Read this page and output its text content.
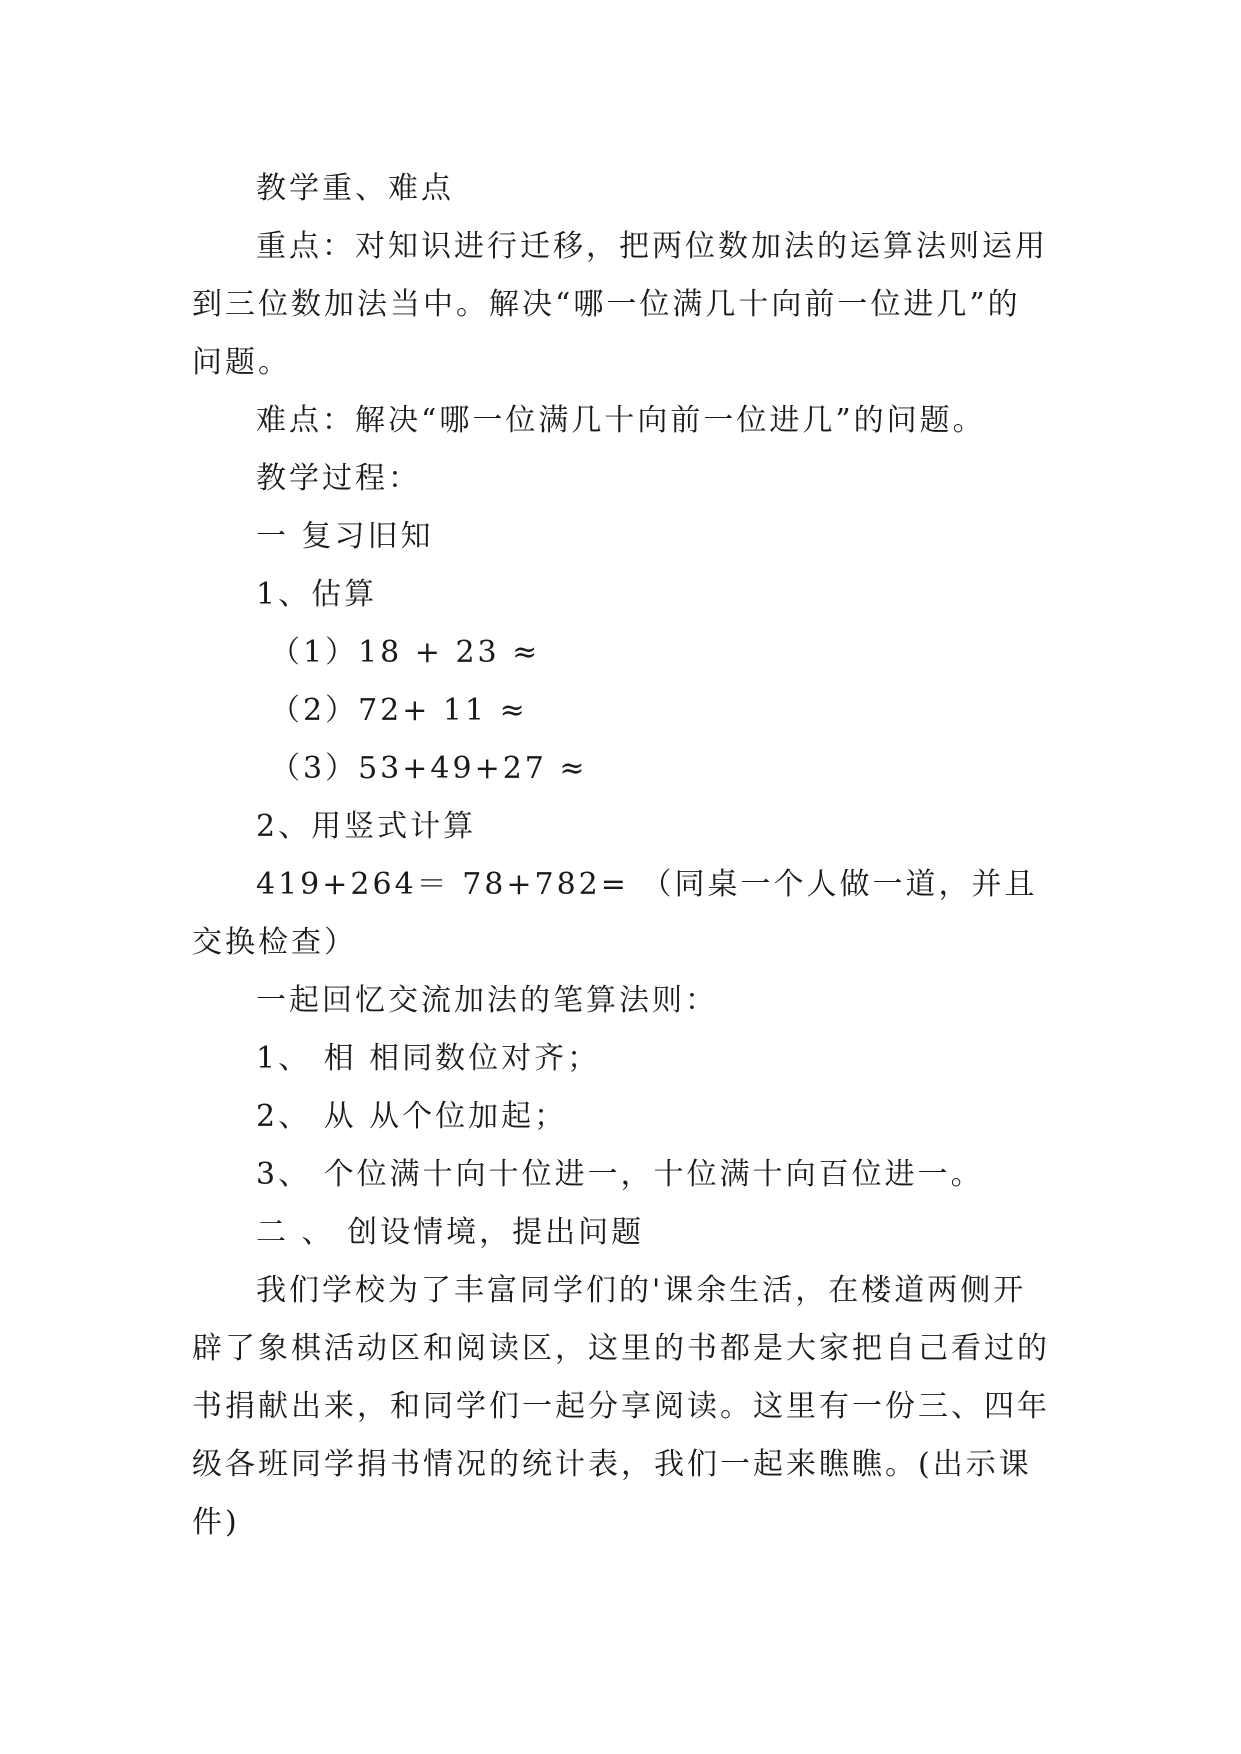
教学重、难点

重点：对知识进行迁移，把两位数加法的运算法则运用到三位数加法当中。解决“哪一位满几十向前一位进几”的问题。

难点：解决“哪一位满几十向前一位进几”的问题。

教学过程：

一 复习旧知

1、估算

（1）18 + 23 ≈

（2）72+ 11 ≈

（3）53+49+27 ≈

2、用竖式计算

419+264＝ 78+782= （同桌一个人做一道，并且交换检查）

一起回忆交流加法的笔算法则：

1、 相 相同数位对齐；

2、 从 从个位加起；

3、 个位满十向十位进一，十位满十向百位进一。

二 、 创设情境，提出问题

我们学校为了丰富同学们的'课余生活，在楼道两侧开辟了象棋活动区和阅读区，这里的书都是大家把自己看过的书捐献出来，和同学们一起分享阅读。这里有一份三、四年级各班同学捐书情况的统计表，我们一起来瞧瞧。(出示课件)
